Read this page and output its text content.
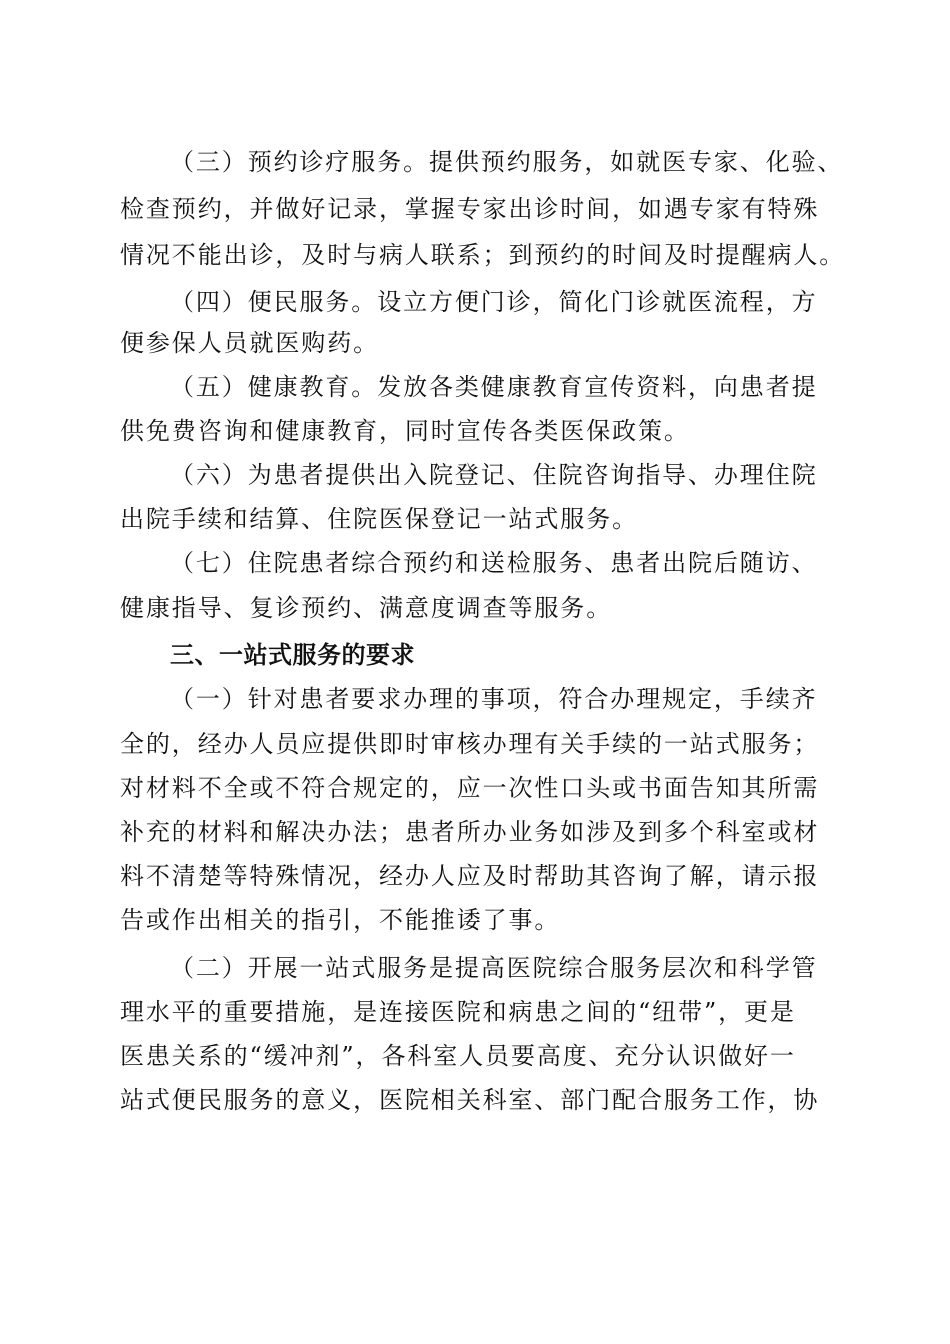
（三）预约诊疗服务。提供预约服务，如就医专家、化验、
检查预约，并做好记录，掌握专家出诊时间，如遇专家有特殊
情况不能出诊，及时与病人联系；到预约的时间及时提醒病人。
（四）便民服务。设立方便门诊，简化门诊就医流程，方
便参保人员就医购药。
（五）健康教育。发放各类健康教育宣传资料，向患者提
供免费咨询和健康教育，同时宣传各类医保政策。
（六）为患者提供出入院登记、住院咨询指导、办理住院
出院手续和结算、住院医保登记一站式服务。
（七）住院患者综合预约和送检服务、患者出院后随访、
健康指导、复诊预约、满意度调查等服务。
三、一站式服务的要求
（一）针对患者要求办理的事项，符合办理规定，手续齐
全的，经办人员应提供即时审核办理有关手续的一站式服务；
对材料不全或不符合规定的，应一次性口头或书面告知其所需
补充的材料和解决办法；患者所办业务如涉及到多个科室或材
料不清楚等特殊情况，经办人应及时帮助其咨询了解，请示报
告或作出相关的指引，不能推诿了事。
（二）开展一站式服务是提高医院综合服务层次和科学管
理水平的重要措施，是连接医院和病患之间的“纽带”，更是
医患关系的“缓冲剂”，各科室人员要高度、充分认识做好一
站式便民服务的意义，医院相关科室、部门配合服务工作，协
